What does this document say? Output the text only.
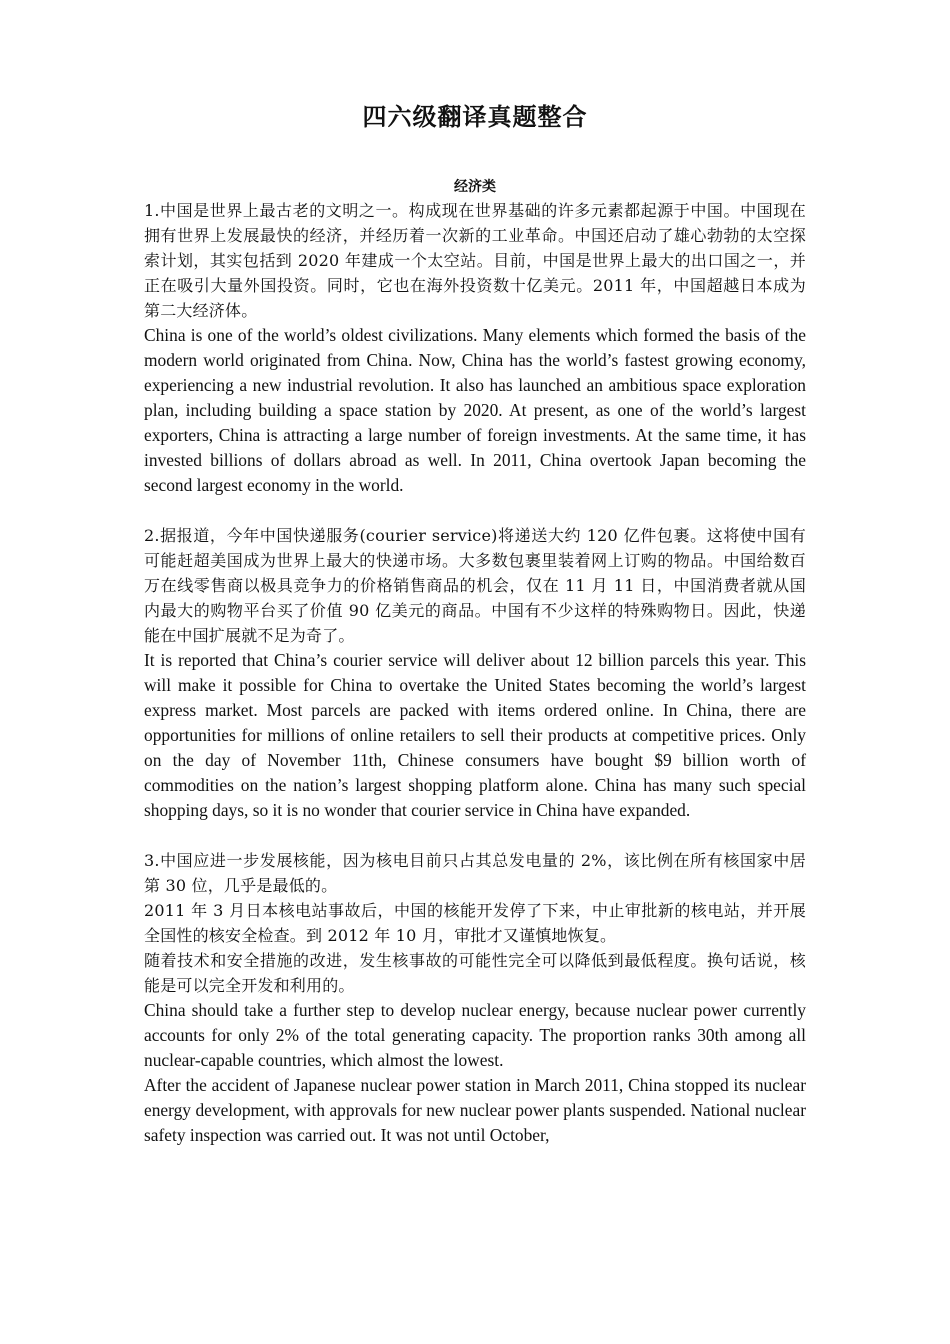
四六级翻译真题整合
经济类

1.中国是世界上最古老的文明之一。构成现在世界基础的许多元素都起源于中国。中国现在拥有世界上发展最快的经济，并经历着一次新的工业革命。中国还启动了雄心勃勃的太空探索计划，其实包括到 2020 年建成一个太空站。目前，中国是世界上最大的出口国之一，并正在吸引大量外国投资。同时，它也在海外投资数十亿美元。2011 年，中国超越日本成为第二大经济体。

China is one of the world’s oldest civilizations. Many elements which formed the basis of the modern world originated from China. Now, China has the world’s fastest growing economy, experiencing a new industrial revolution. It also has launched an ambitious space exploration plan, including building a space station by 2020. At present, as one of the world’s largest exporters, China is attracting a large number of foreign investments. At the same time, it has invested billions of dollars abroad as well. In 2011, China overtook Japan becoming the second largest economy in the world.

2.据报道，今年中国快递服务(courier service)将递送大约 120 亿件包裹。这将使中国有可能赶超美国成为世界上最大的快递市场。大多数包裹里装着网上订购的物品。中国给数百万在线零售商以极具竞争力的价格销售商品的机会，仅在 11 月 11 日，中国消费者就从国内最大的购物平台买了价值 90 亿美元的商品。中国有不少这样的特殊购物日。因此，快递能在中国扩展就不足为奇了。

It is reported that China’s courier service will deliver about 12 billion parcels this year. This will make it possible for China to overtake the United States becoming the world’s largest express market. Most parcels are packed with items ordered online. In China, there are opportunities for millions of online retailers to sell their products at competitive prices. Only on the day of November 11th, Chinese consumers have bought $9 billion worth of commodities on the nation’s largest shopping platform alone. China has many such special shopping days, so it is no wonder that courier service in China have expanded.

3.中国应进一步发展核能，因为核电目前只占其总发电量的 2%，该比例在所有核国家中居第 30 位，几乎是最低的。

2011 年 3 月日本核电站事故后，中国的核能开发停了下来，中止审批新的核电站，并开展全国性的核安全检查。到 2012 年 10 月，审批才又谨慎地恢复。

随着技术和安全措施的改进，发生核事故的可能性完全可以降低到最低程度。换句话说，核能是可以完全开发和利用的。

China should take a further step to develop nuclear energy, because nuclear power currently accounts for only 2% of the total generating capacity. The proportion ranks 30th among all nuclear-capable countries, which almost the lowest.

After the accident of Japanese nuclear power station in March 2011, China stopped its nuclear energy development, with approvals for new nuclear power plants suspended. National nuclear safety inspection was carried out. It was not until October,
